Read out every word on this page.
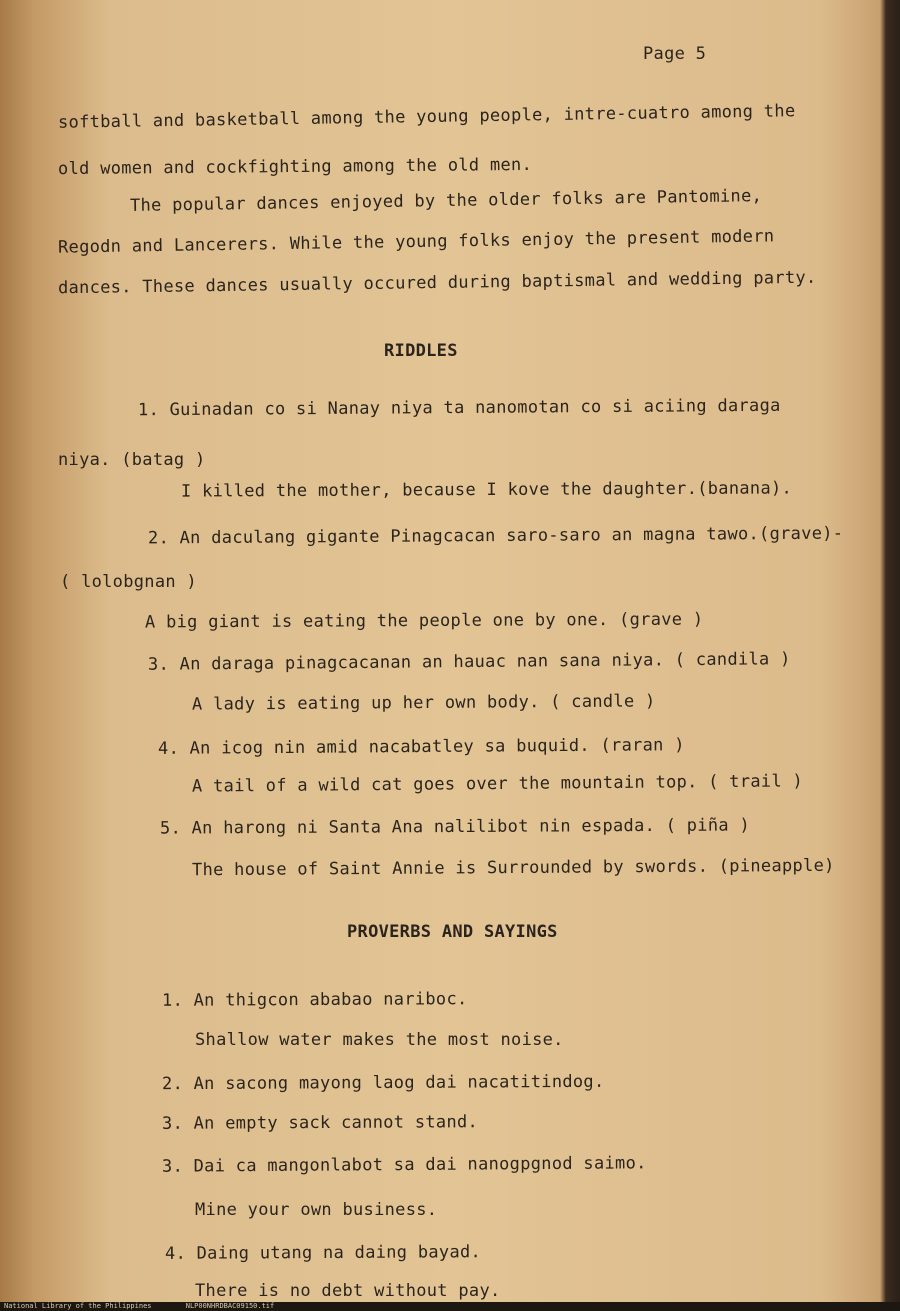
Page 5
softball and basketball among the young people, intre-cuatro among the
old women and cockfighting among the old men.
The popular dances enjoyed by the older folks are Pantomine,
Regodn and Lancerers. While the young folks enjoy the present modern
dances. These dances usually occured during baptismal and wedding party.
RIDDLES
1. Guinadan co si Nanay niya ta nanomotan co si aciing daraga
niya. (batag )
I killed the mother, because I kove the daughter.(banana).
2. An daculang gigante Pinagcacan saro-saro an magna tawo.(grave)-
( lolobgnan )
A big giant is eating the people one by one. (grave )
3. An daraga pinagcacanan an hauac nan sana niya. ( candila )
A lady is eating up her own body. ( candle )
4. An icog nin amid nacabatley sa buquid. (raran )
A tail of a wild cat goes over the mountain top. ( trail )
5. An harong ni Santa Ana nalilibot nin espada. ( piña )
The house of Saint Annie is Surrounded by swords. (pineapple)
PROVERBS AND SAYINGS
1. An thigcon ababao nariboc.
Shallow water makes the most noise.
2. An sacong mayong laog dai nacatitindog.
3. An empty sack cannot stand.
3. Dai ca mangonlabot sa dai nanogpgnod saimo.
Mine your own business.
4. Daing utang na daing bayad.
There is no debt without pay.
National Library of the Philippines	NLP00NHRDBAC09150.tif
